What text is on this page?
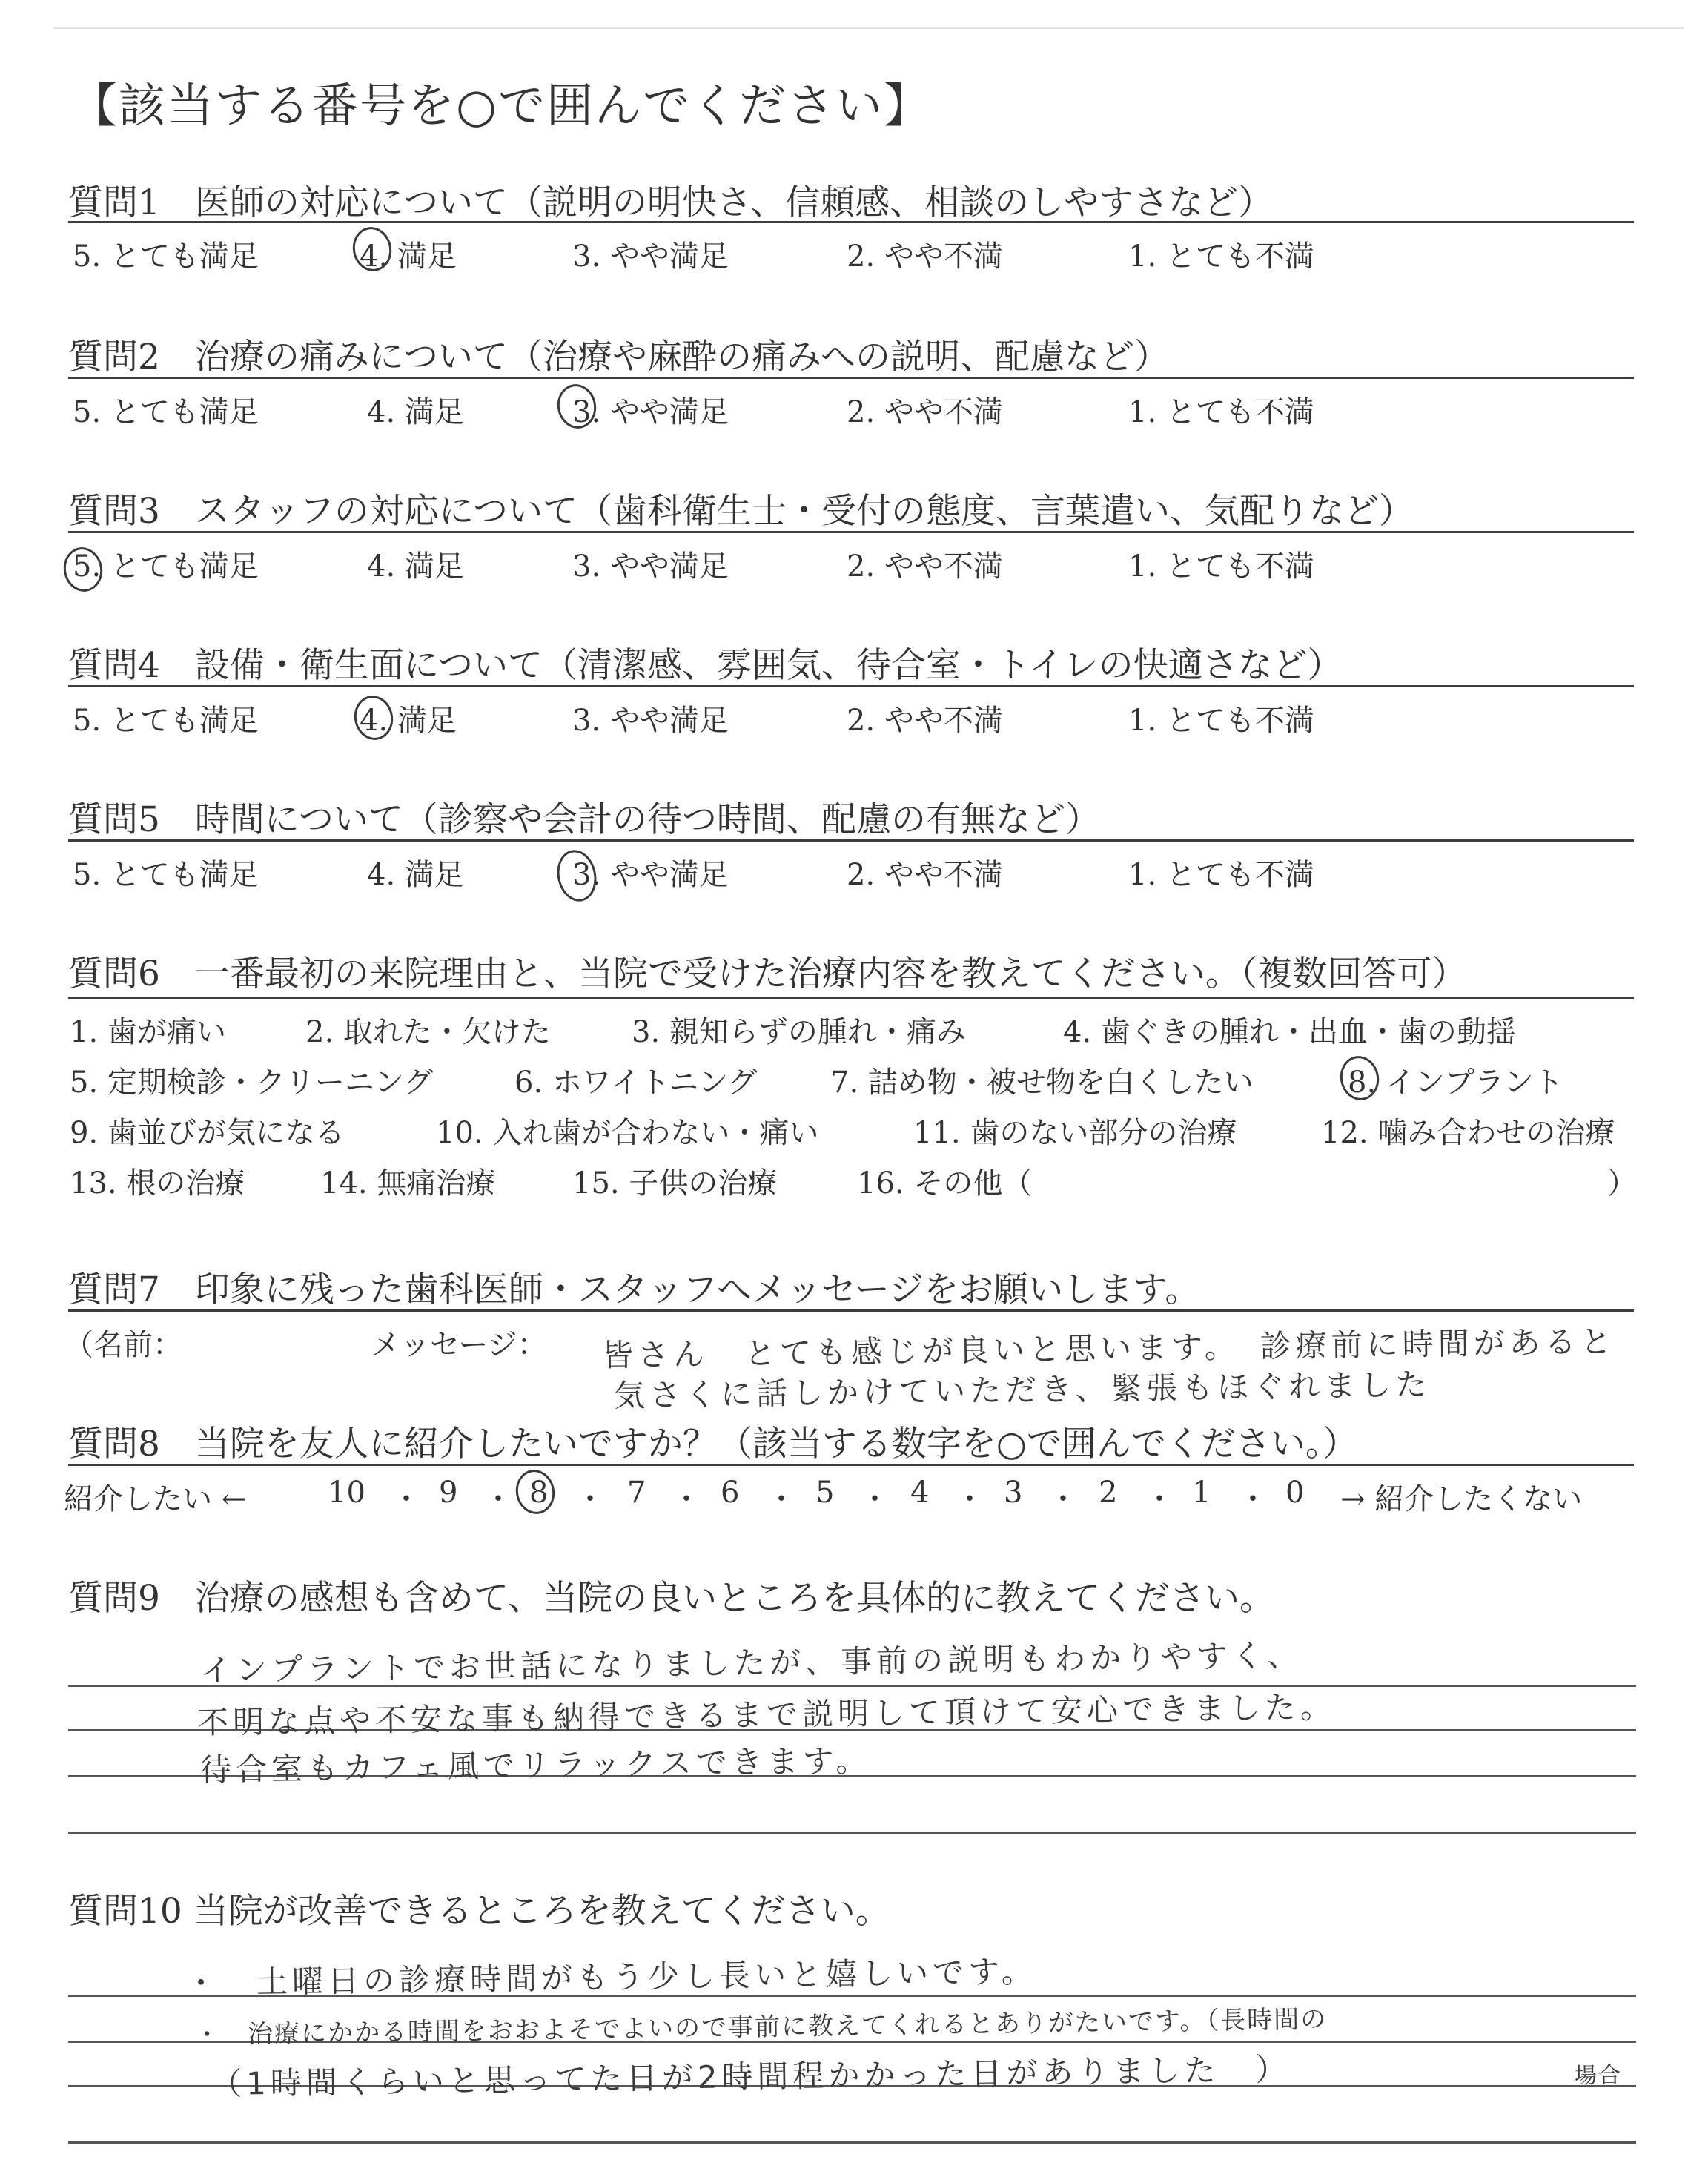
【該当する番号を○で囲んでください】
質問1　医師の対応について（説明の明快さ、信頼感、相談のしやすさなど）
5. とても満足	4. 満足	3. やや満足	2. やや不満	1. とても不満
質問2　治療の痛みについて（治療や麻酔の痛みへの説明、配慮など）
5. とても満足	4. 満足	3. やや満足	2. やや不満	1. とても不満
質問3　スタッフの対応について（歯科衛生士・受付の態度、言葉遣い、気配りなど）
5. とても満足	4. 満足	3. やや満足	2. やや不満	1. とても不満
質問4　設備・衛生面について（清潔感、雰囲気、待合室・トイレの快適さなど）
5. とても満足	4. 満足	3. やや満足	2. やや不満	1. とても不満
質問5　時間について（診察や会計の待つ時間、配慮の有無など）
5. とても満足	4. 満足	3. やや満足	2. やや不満	1. とても不満
質問6　一番最初の来院理由と、当院で受けた治療内容を教えてください。（複数回答可）
1. 歯が痛い	2. 取れた・欠けた	3. 親知らずの腫れ・痛み	4. 歯ぐきの腫れ・出血・歯の動揺
5. 定期検診・クリーニング	6. ホワイトニング 7. 詰め物・被せ物を白くしたい	8. インプラント
9. 歯並びが気になる	10. 入れ歯が合わない・痛い	11. 歯のない部分の治療	12. 噛み合わせの治療
13. 根の治療	14. 無痛治療	15. 子供の治療	16. その他（	）
質問7　印象に残った歯科医師・スタッフへメッセージをお願いします。
（名前：	メッセージ： 皆さん　とても感じが良いと思います。　診療前に時間があると
気さくに話しかけていただき、緊張もほぐれました
質問8　当院を友人に紹介したいですか？（該当する数字を○で囲んでください。）
紹介したい ←	10 ・ 9 ・ 8 ・ 7 ・ 6 ・ 5 ・ 4 ・ 3 ・ 2 ・ 1 ・ 0 → 紹介したくない
質問9　治療の感想も含めて、当院の良いところを具体的に教えてください。
インプラントでお世話になりましたが、事前の説明もわかりやすく、
不明な点や不安な事も納得できるまで説明して頂けて安心できました。
待合室もカフェ風でリラックスできます。
質問10 当院が改善できるところを教えてください。
・　土曜日の診療時間がもう少し長いと嬉しいです。
・　治療にかかる時間をおおよそでよいので事前に教えてくれるとありがたいです。（長時間の
（1時間くらいと思ってた日が2時間程かかった日がありました　）	場合
